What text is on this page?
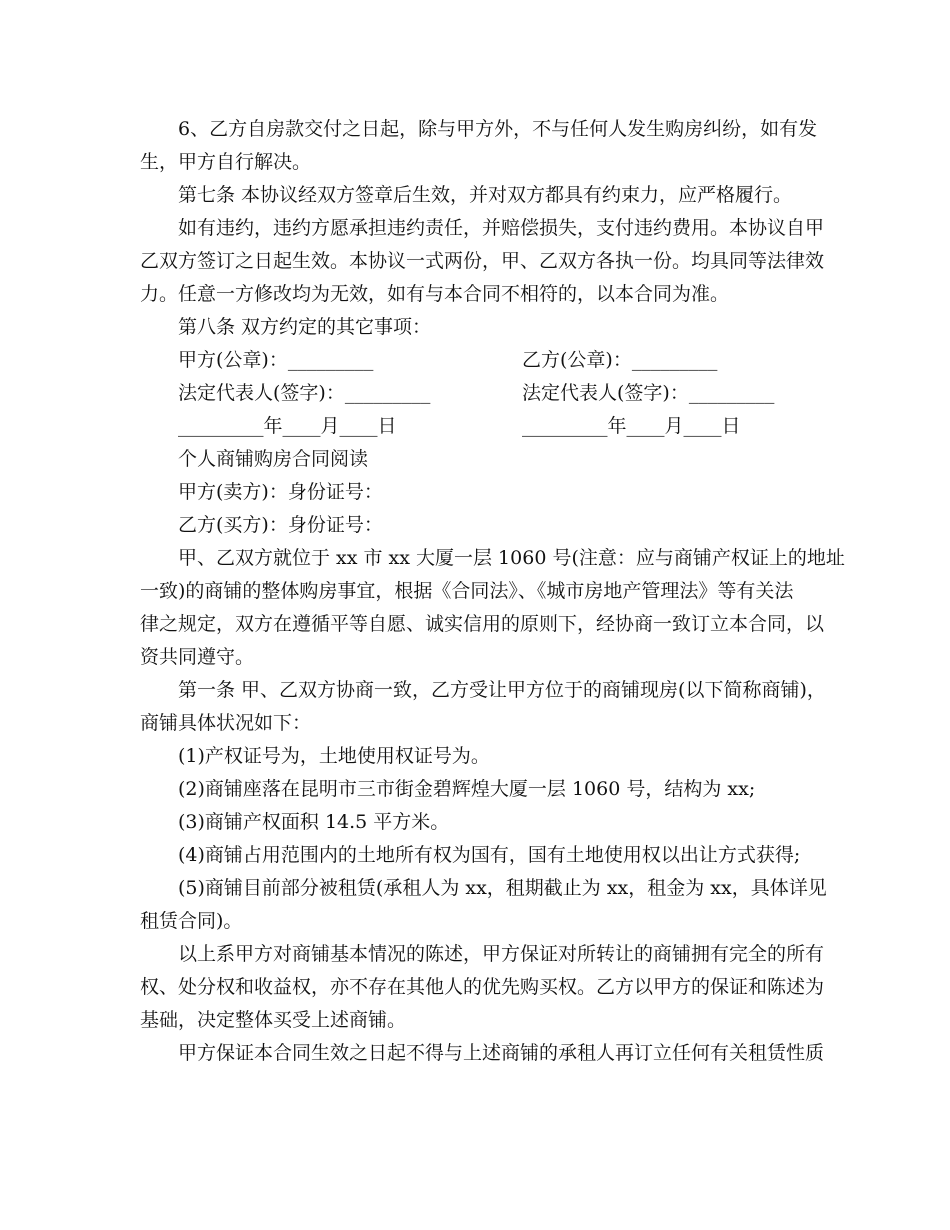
6、乙方自房款交付之日起，除与甲方外，不与任何人发生购房纠纷，如有发
生，甲方自行解决。
第七条 本协议经双方签章后生效，并对双方都具有约束力，应严格履行。
如有违约，违约方愿承担违约责任，并赔偿损失，支付违约费用。本协议自甲
乙双方签订之日起生效。本协议一式两份，甲、乙双方各执一份。均具同等法律效
力。任意一方修改均为无效，如有与本合同不相符的，以本合同为准。
第八条 双方约定的其它事项：
甲方(公章)：_________	乙方(公章)：_________
法定代表人(签字)：_________	法定代表人(签字)：_________
_________年____月____日	_________年____月____日
个人商铺购房合同阅读
甲方(卖方)：身份证号：
乙方(买方)：身份证号：
甲、乙双方就位于 xx 市 xx 大厦一层 1060 号(注意：应与商铺产权证上的地址
一致)的商铺的整体购房事宜，根据《合同法》、《城市房地产管理法》等有关法
律之规定，双方在遵循平等自愿、诚实信用的原则下，经协商一致订立本合同，以
资共同遵守。
第一条 甲、乙双方协商一致，乙方受让甲方位于的商铺现房(以下简称商铺)，
商铺具体状况如下：
(1)产权证号为，土地使用权证号为。
(2)商铺座落在昆明市三市街金碧辉煌大厦一层 1060 号，结构为 xx;
(3)商铺产权面积 14.5 平方米。
(4)商铺占用范围内的土地所有权为国有，国有土地使用权以出让方式获得;
(5)商铺目前部分被租赁(承租人为 xx，租期截止为 xx，租金为 xx，具体详见
租赁合同)。
以上系甲方对商铺基本情况的陈述，甲方保证对所转让的商铺拥有完全的所有
权、处分权和收益权，亦不存在其他人的优先购买权。乙方以甲方的保证和陈述为
基础，决定整体买受上述商铺。
甲方保证本合同生效之日起不得与上述商铺的承租人再订立任何有关租赁性质
